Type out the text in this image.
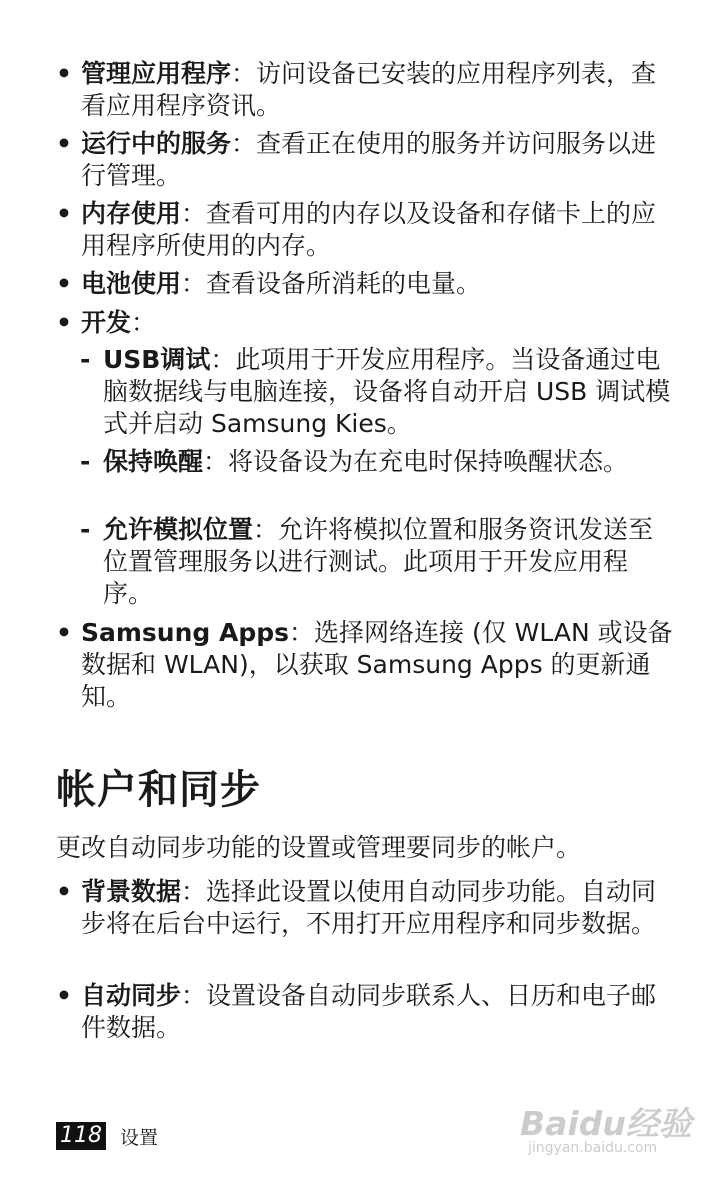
• 管理应用程序：访问设备已安装的应用程序列表，查看应用程序资讯。
• 运行中的服务：查看正在使用的服务并访问服务以进行管理。
• 内存使用：查看可用的内存以及设备和存储卡上的应用程序所使用的内存。
• 电池使用：查看设备所消耗的电量。
• 开发：
- USB调试：此项用于开发应用程序。当设备通过电脑数据线与电脑连接，设备将自动开启 USB 调试模式并启动 Samsung Kies。
- 保持唤醒：将设备设为在充电时保持唤醒状态。
- 允许模拟位置：允许将模拟位置和服务资讯发送至位置管理服务以进行测试。此项用于开发应用程序。
• Samsung Apps：选择网络连接 (仅 WLAN 或设备数据和 WLAN)，以获取 Samsung Apps 的更新通知。
帐户和同步
更改自动同步功能的设置或管理要同步的帐户。
• 背景数据：选择此设置以使用自动同步功能。自动同步将在后台中运行，不用打开应用程序和同步数据。
• 自动同步：设置设备自动同步联系人、日历和电子邮件数据。
118 设置	Baidu经验
jingyan.baidu.com
